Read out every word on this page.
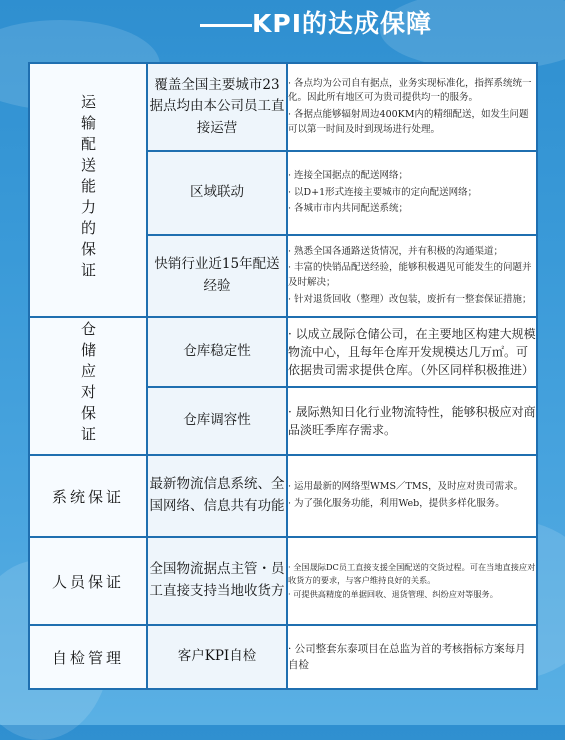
KPI的达成保障
运输配送能力的保证	覆盖全国主要城市23据点均由本公司员工直接运营	· 各点均为公司自有据点，业务实现标准化，指挥系统统一化。因此所有地区可为贵司提供均一的服务。

· 各据点能够辐射周边400KM内的精细配送，如发生问题可以第一时间及时到现场进行处理。

	区域联动	· 连接全国据点的配送网络；

· 以D+1形式连接主要城市的定向配送网络；

· 各城市市内共同配送系统；

	快销行业近15年配送经验	· 熟悉全国各通路送货情况，并有积极的沟通渠道；

· 丰富的快销品配送经验，能够积极遇见可能发生的问题并及时解决；

· 针对退货回收（整理）改包装，废折有一整套保证措施；

仓储应对保证	仓库稳定性	· 以成立晟际仓储公司，在主要地区构建大规模物流中心，且每年仓库开发规模达几万㎡。可依据贵司需求提供仓库。（外区同样积极推进）

	仓库调容性	· 晟际熟知日化行业物流特性，能够积极应对商品淡旺季库存需求。

系统保证	最新物流信息系统、全国网络、信息共有功能	· 运用最新的网络型WMS／TMS，及时应对贵司需求。

· 为了强化服务功能，利用Web，提供多样化服务。

人员保证	全国物流据点主管・员工直接支持当地收货方	· 全国晟际DC员工直接支援全国配送的交货过程。可在当地直接应对收货方的要求，与客户维持良好的关系。

· 可提供高精度的单据回收、退货管理、纠纷应对等服务。

自检管理	客户KPI自检	· 公司整套东泰项目在总监为首的考核指标方案每月自检
